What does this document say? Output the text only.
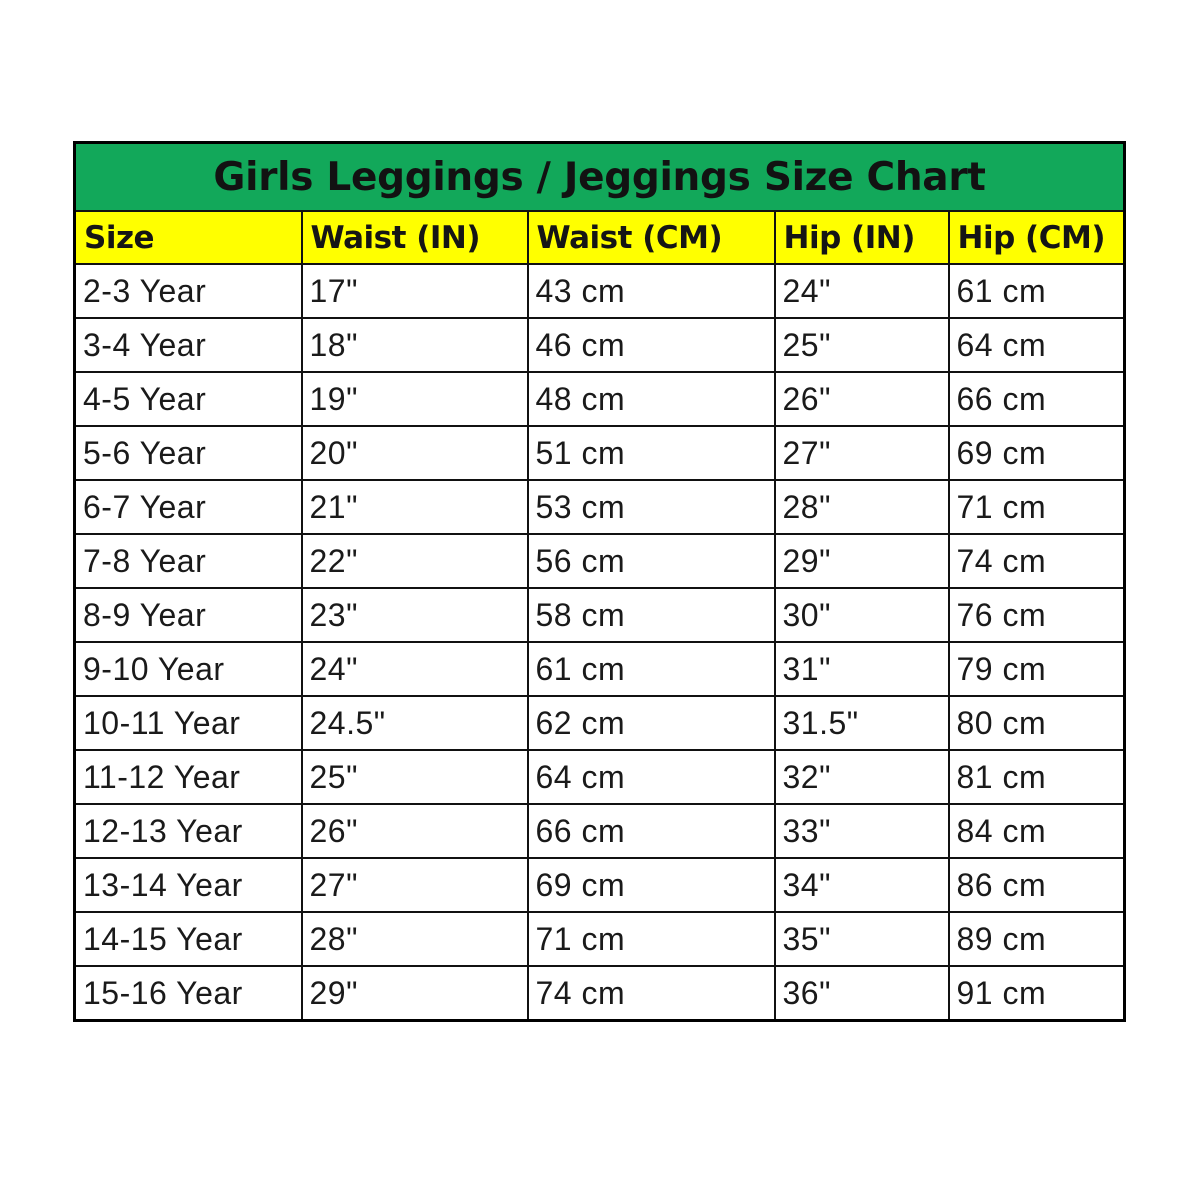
Girls Leggings / Jeggings Size Chart				
Size	Waist (IN)	Waist (CM)	Hip (IN)	Hip (CM)
2-3 Year	17"	43 cm	24"	61 cm
3-4 Year	18"	46 cm	25"	64 cm
4-5 Year	19"	48 cm	26"	66 cm
5-6 Year	20"	51 cm	27"	69 cm
6-7 Year	21"	53 cm	28"	71 cm
7-8 Year	22"	56 cm	29"	74 cm
8-9 Year	23"	58 cm	30"	76 cm
9-10 Year	24"	61 cm	31"	79 cm
10-11 Year	24.5"	62 cm	31.5"	80 cm
11-12 Year	25"	64 cm	32"	81 cm
12-13 Year	26"	66 cm	33"	84 cm
13-14 Year	27"	69 cm	34"	86 cm
14-15 Year	28"	71 cm	35"	89 cm
15-16 Year	29"	74 cm	36"	91 cm
